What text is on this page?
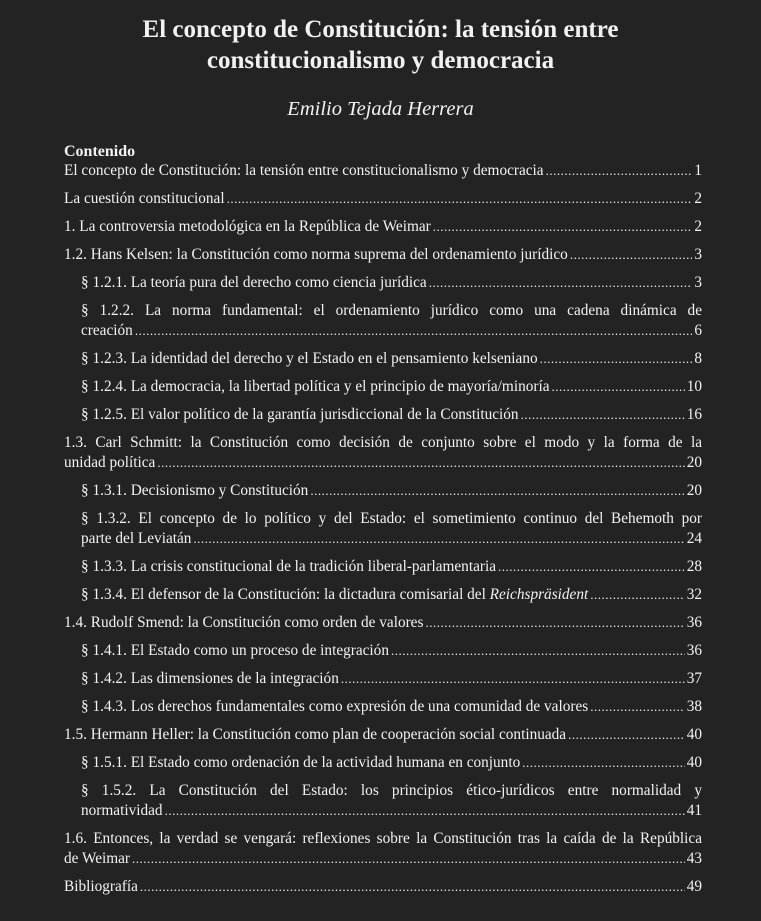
El concepto de Constitución: la tensión entre
constitucionalismo y democracia

Emilio Tejada Herrera

Contenido

El concepto de Constitución: la tensión entre constitucionalismo y democracia .....	1
La cuestión constitucional .....	2
1. La controversia metodológica en la República de Weimar .....	2
1.2. Hans Kelsen: la Constitución como norma suprema del ordenamiento jurídico .....	3
§ 1.2.1. La teoría pura del derecho como ciencia jurídica .....	3
§ 1.2.2. La norma fundamental: el ordenamiento jurídico como una cadena dinámica de
creación .....	6
§ 1.2.3. La identidad del derecho y el Estado en el pensamiento kelseniano .....	8
§ 1.2.4. La democracia, la libertad política y el principio de mayoría/minoría .....	10
§ 1.2.5. El valor político de la garantía jurisdiccional de la Constitución .....	16
1.3. Carl Schmitt: la Constitución como decisión de conjunto sobre el modo y la forma de la
unidad política .....	20
§ 1.3.1. Decisionismo y Constitución .....	20
§ 1.3.2. El concepto de lo político y del Estado: el sometimiento continuo del Behemoth por
parte del Leviatán .....	24
§ 1.3.3. La crisis constitucional de la tradición liberal-parlamentaria .....	28
§ 1.3.4. El defensor de la Constitución: la dictadura comisarial del Reichspräsident .....	32
1.4. Rudolf Smend: la Constitución como orden de valores .....	36
§ 1.4.1. El Estado como un proceso de integración .....	36
§ 1.4.2. Las dimensiones de la integración .....	37
§ 1.4.3. Los derechos fundamentales como expresión de una comunidad de valores .....	38
1.5. Hermann Heller: la Constitución como plan de cooperación social continuada .....	40
§ 1.5.1. El Estado como ordenación de la actividad humana en conjunto .....	40
§ 1.5.2. La Constitución del Estado: los principios ético-jurídicos entre normalidad y
normatividad .....	41
1.6. Entonces, la verdad se vengará: reflexiones sobre la Constitución tras la caída de la República
de Weimar .....	43
Bibliografía .....	49
